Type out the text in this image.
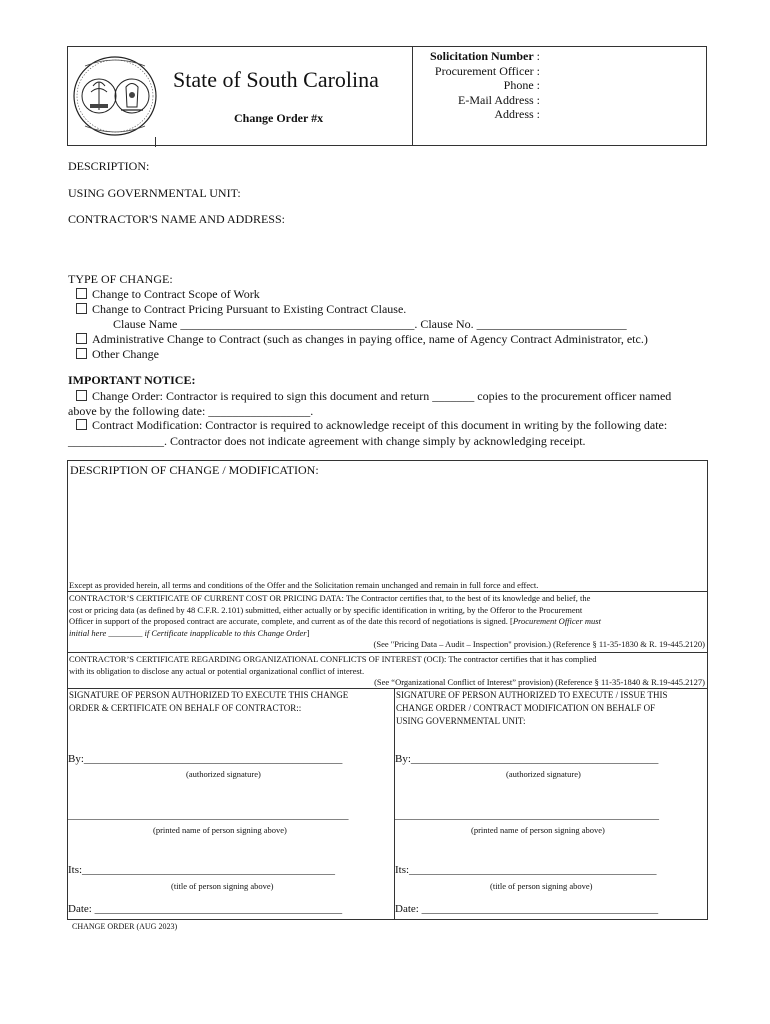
State of South Carolina
Change Order #x
Solicitation Number :
Procurement Officer :
Phone :
E-Mail Address :
Address :
DESCRIPTION:
USING GOVERNMENTAL UNIT:
CONTRACTOR'S NAME AND ADDRESS:
TYPE OF CHANGE:
Change to Contract Scope of Work
Change to Contract Pricing Pursuant to Existing Contract Clause.
Clause Name _______________________________________. Clause No. _________________________
Administrative Change to Contract (such as changes in paying office, name of Agency Contract Administrator, etc.)
Other Change
IMPORTANT NOTICE:
Change Order: Contractor is required to sign this document and return _______ copies to the procurement officer named
above by the following date: _________________.
Contract Modification: Contractor is required to acknowledge receipt of this document in writing by the following date:
________________. Contractor does not indicate agreement with change simply by acknowledging receipt.
DESCRIPTION OF CHANGE / MODIFICATION:
Except as provided herein, all terms and conditions of the Offer and the Solicitation remain unchanged and remain in full force and effect.
CONTRACTOR’S CERTIFICATE OF CURRENT COST OR PRICING DATA: The Contractor certifies that, to the best of its knowledge and belief, the
cost or pricing data (as defined by 48 C.F.R. 2.101) submitted, either actually or by specific identification in writing, by the Offeror to the Procurement
Officer in support of the proposed contract are accurate, complete, and current as of the date this record of negotiations is signed. [Procurement Officer must
initial here ________ if Certificate inapplicable to this Change Order]
(See "Pricing Data – Audit – Inspection" provision.) (Reference § 11-35-1830 & R. 19-445.2120)
CONTRACTOR’S CERTIFICATE REGARDING ORGANIZATIONAL CONFLICTS OF INTEREST (OCI): The contractor certifies that it has complied
with its obligation to disclose any actual or potential organizational conflict of interest.
(See “Organizational Conflict of Interest” provision) (Reference § 11-35-1840 & R.19-445.2127)
SIGNATURE OF PERSON AUTHORIZED TO EXECUTE THIS CHANGE
ORDER & CERTIFICATE ON BEHALF OF CONTRACTOR::
By:_______________________________________________
(authorized signature)
___________________________________________________
(printed name of person signing above)
Its:______________________________________________
(title of person signing above)
Date: _____________________________________________
SIGNATURE OF PERSON AUTHORIZED TO EXECUTE / ISSUE THIS
CHANGE ORDER / CONTRACT MODIFICATION ON BEHALF OF
USING GOVERNMENTAL UNIT:
By:_____________________________________________
(authorized signature)
________________________________________________
(printed name of person signing above)
Its:_____________________________________________
(title of person signing above)
Date: ___________________________________________
CHANGE ORDER (AUG 2023)
